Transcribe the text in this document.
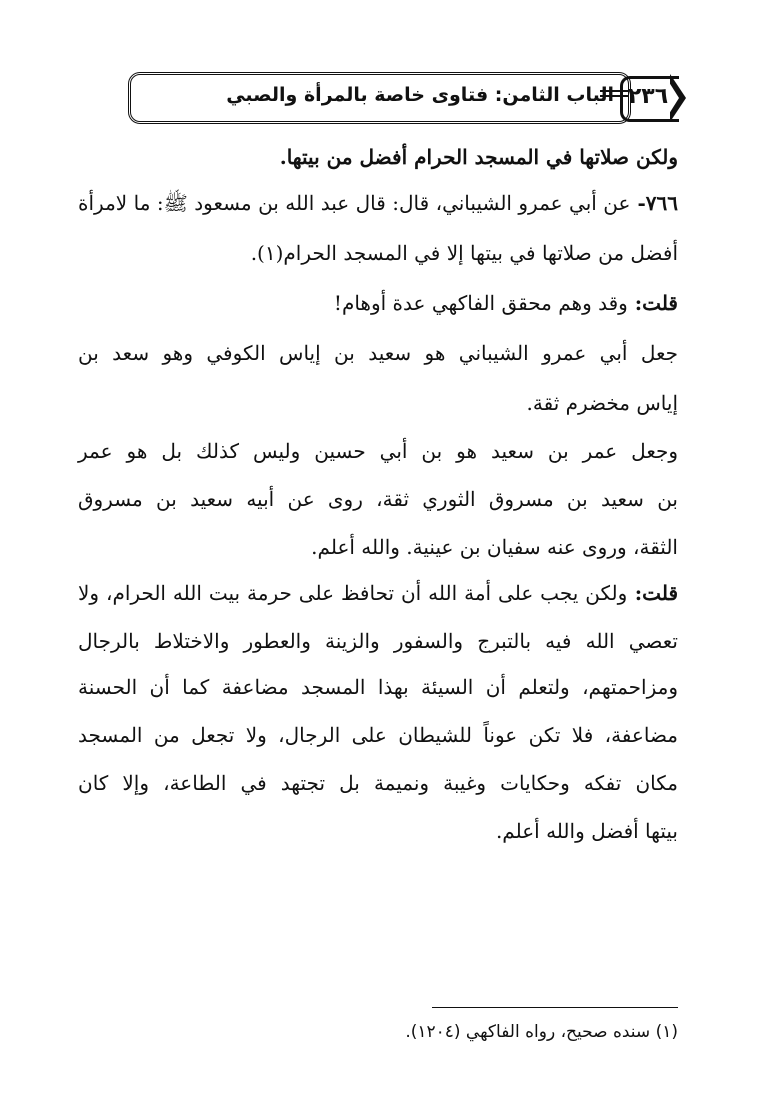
الباب الثامن: فتاوى خاصة بالمرأة والصبي ٢٣٦
ولكن صلاتها في المسجد الحرام أفضل من بيتها.
٧٦٦- عن أبي عمرو الشيباني، قال: قال عبد الله بن مسعود ﷺ: ما لامرأة
أفضل من صلاتها في بيتها إلا في المسجد الحرام(١).
قلت: وقد وهم محقق الفاكهي عدة أوهام!
جعل أبي عمرو الشيباني هو سعيد بن إياس الكوفي وهو سعد بن
إياس مخضرم ثقة.
وجعل عمر بن سعيد هو بن أبي حسين وليس كذلك بل هو عمر
بن سعيد بن مسروق الثوري ثقة، روى عن أبيه سعيد بن مسروق
الثقة، وروى عنه سفيان بن عينية. والله أعلم.
قلت: ولكن يجب على أمة الله أن تحافظ على حرمة بيت الله الحرام، ولا
تعصي الله فيه بالتبرج والسفور والزينة والعطور والاختلاط بالرجال
ومزاحمتهم، ولتعلم أن السيئة بهذا المسجد مضاعفة كما أن الحسنة
مضاعفة، فلا تكن عوناً للشيطان على الرجال، ولا تجعل من المسجد
مكان تفكه وحكايات وغيبة ونميمة بل تجتهد في الطاعة، وإلا كان
بيتها أفضل والله أعلم.
(١) سنده صحيح، رواه الفاكهي (١٢٠٤).
